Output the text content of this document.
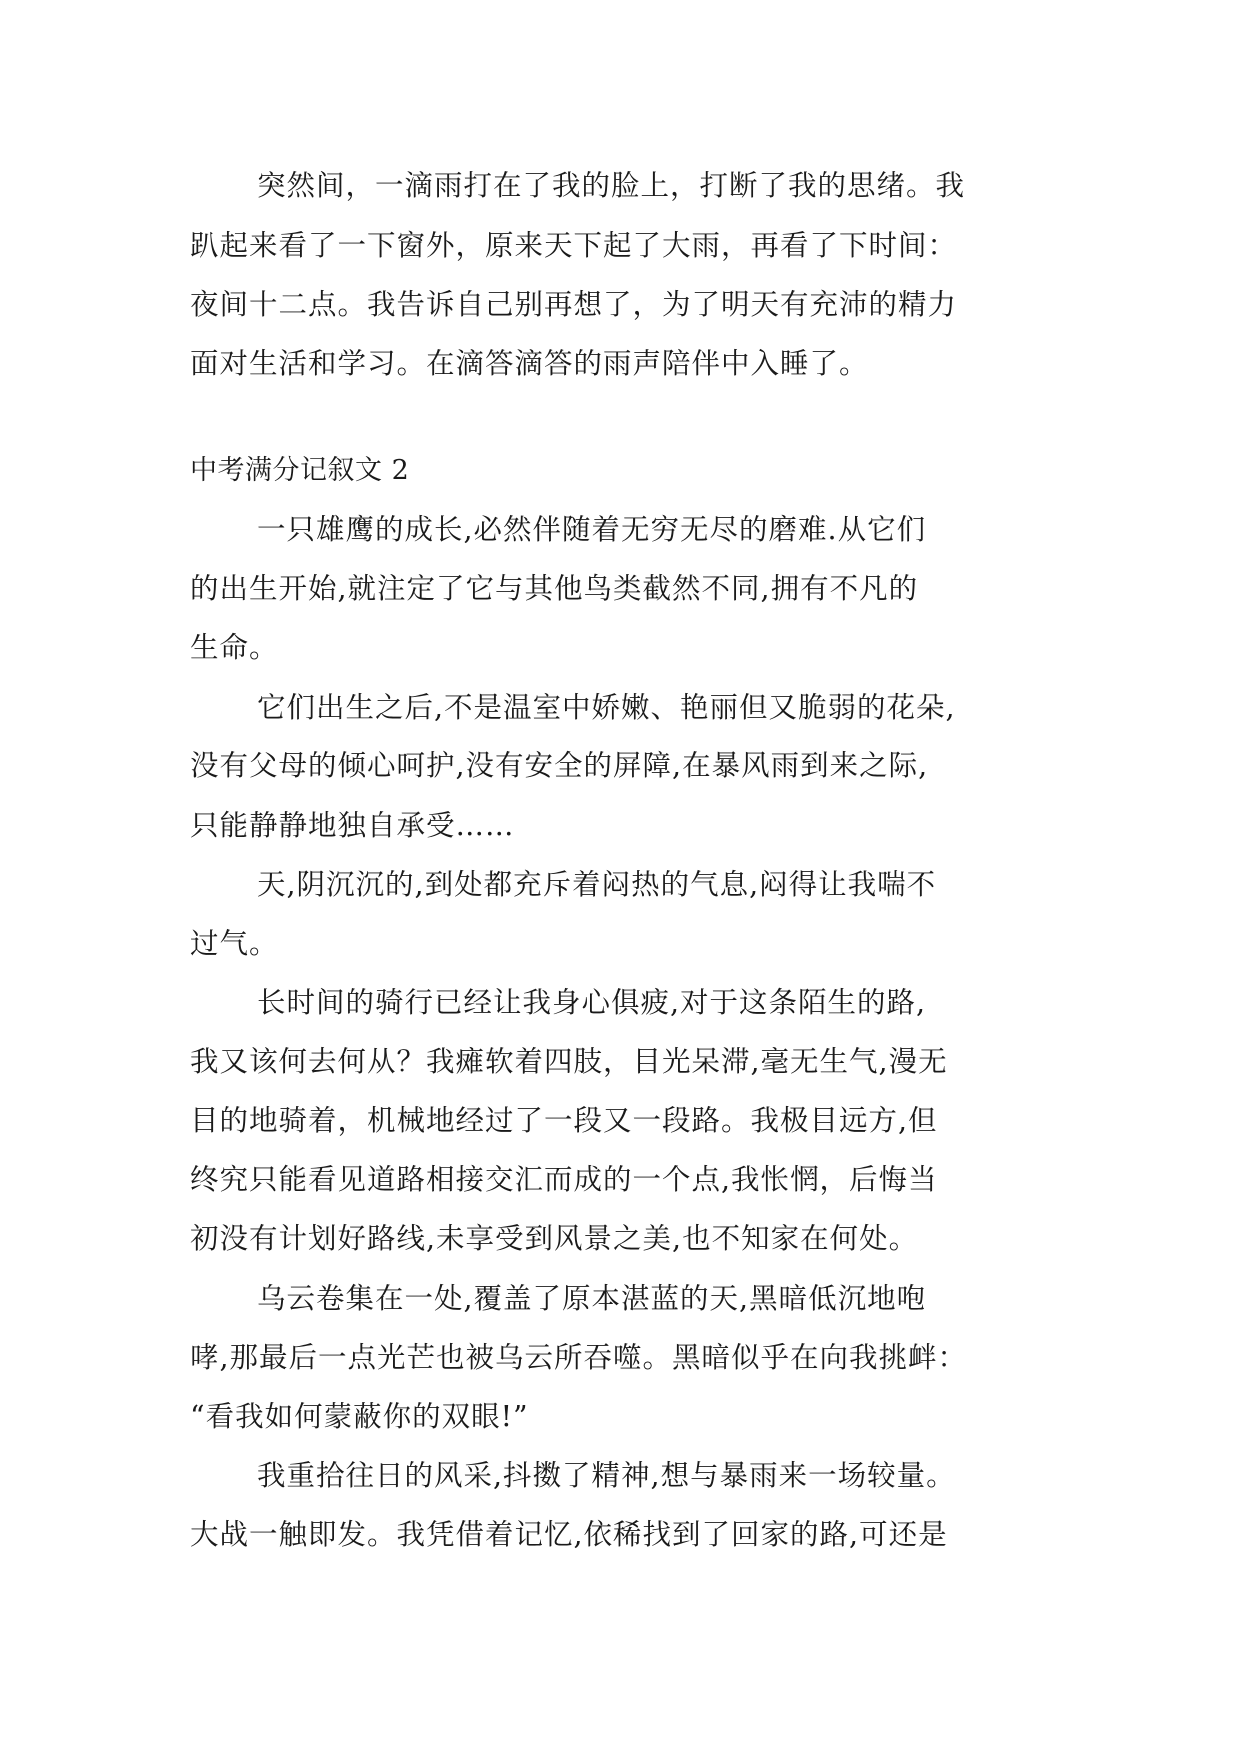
突然间，一滴雨打在了我的脸上，打断了我的思绪。我
趴起来看了一下窗外，原来天下起了大雨，再看了下时间：
夜间十二点。我告诉自己别再想了，为了明天有充沛的精力
面对生活和学习。在滴答滴答的雨声陪伴中入睡了。
中考满分记叙文 2
一只雄鹰的成长,必然伴随着无穷无尽的磨难.从它们
的出生开始,就注定了它与其他鸟类截然不同,拥有不凡的
生命。
它们出生之后,不是温室中娇嫩、艳丽但又脆弱的花朵,
没有父母的倾心呵护,没有安全的屏障,在暴风雨到来之际,
只能静静地独自承受……
天,阴沉沉的,到处都充斥着闷热的气息,闷得让我喘不
过气。
长时间的骑行已经让我身心俱疲,对于这条陌生的路,
我又该何去何从？我瘫软着四肢，目光呆滞,毫无生气,漫无
目的地骑着，机械地经过了一段又一段路。我极目远方,但
终究只能看见道路相接交汇而成的一个点,我怅惘，后悔当
初没有计划好路线,未享受到风景之美,也不知家在何处。
乌云卷集在一处,覆盖了原本湛蓝的天,黑暗低沉地咆
哮,那最后一点光芒也被乌云所吞噬。黑暗似乎在向我挑衅：
“看我如何蒙蔽你的双眼!”
我重拾往日的风采,抖擞了精神,想与暴雨来一场较量。
大战一触即发。我凭借着记忆,依稀找到了回家的路,可还是
